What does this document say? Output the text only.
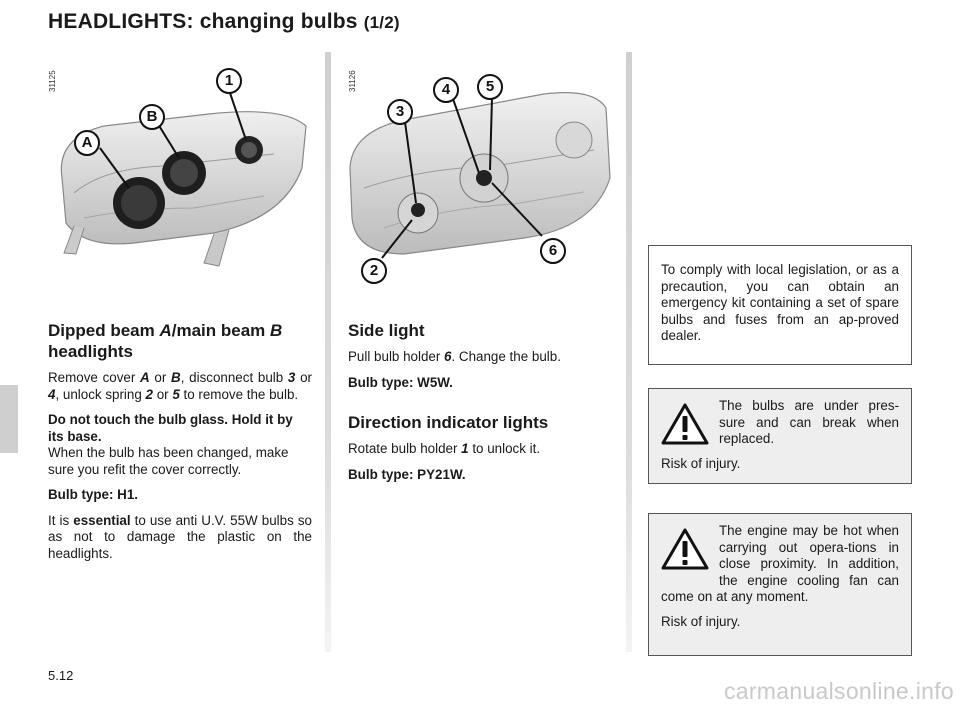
HEADLIGHTS: changing bulbs (1/2)
31125	1
B
A
31126
3
4	5
6
2
Dipped beam A/main beam B
headlights

Remove cover A or B, disconnect bulb 3 or 4, unlock spring 2 or 5 to remove the bulb.

Do not touch the bulb glass. Hold it by its base.
When the bulb has been changed, make sure you refit the cover correctly.

Bulb type: H1.

It is essential to use anti U.V. 55W bulbs so as not to damage the plastic on the headlights.

Side light

Pull bulb holder 6. Change the bulb.

Bulb type: W5W.

Direction indicator lights

Rotate bulb holder 1 to unlock it.

Bulb type: PY21W.

To comply with local legislation, or as a precaution, you can obtain an emergency kit containing a set of spare bulbs and fuses from an ap-proved dealer.

The bulbs are under pres-sure and can break when replaced.

Risk of injury.

The engine may be hot when carrying out opera-tions in close proximity. In addition, the engine cooling fan can come on at any moment.

Risk of injury.

5.12
carmanualsonline.info
